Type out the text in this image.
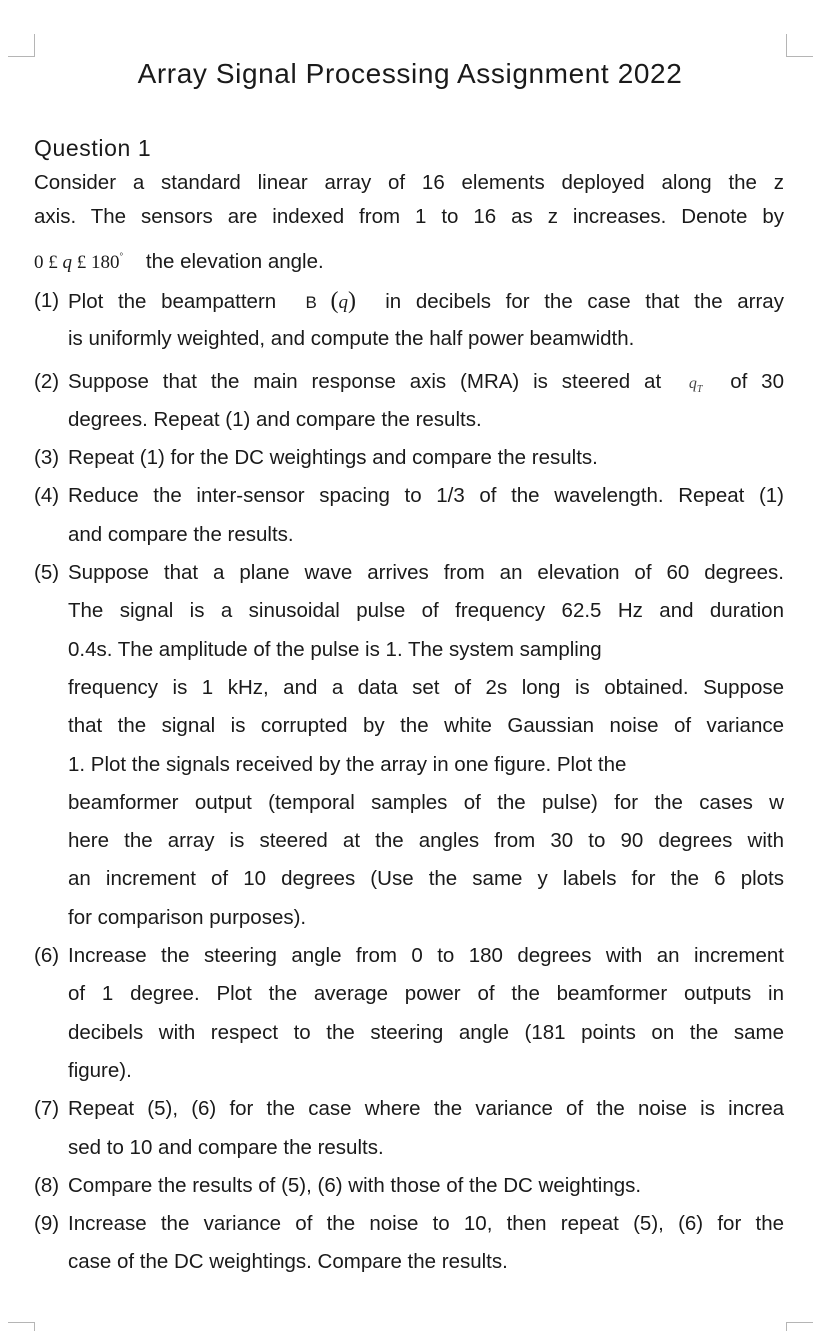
Array Signal Processing Assignment 2022
Question 1
Consider a standard linear array of 16 elements deployed along the z
axis. The sensors are indexed from 1 to 16 as z increases. Denote by
0 £ q £ 180° the elevation angle.
(1) Plot the beampattern B (q) in decibels for the case that the array
is uniformly weighted, and compute the half power beamwidth.
(2) Suppose that the main response axis (MRA) is steered at $q_T$ of 30
degrees. Repeat (1) and compare the results.
(3) Repeat (1) for the DC weightings and compare the results.
(4) Reduce the inter-sensor spacing to 1/3 of the wavelength. Repeat (1)
and compare the results.
(5) Suppose that a plane wave arrives from an elevation of 60 degrees.
The signal is a sinusoidal pulse of frequency 62.5 Hz and duration
0.4s. The amplitude of the pulse is 1. The system sampling
frequency is 1 kHz, and a data set of 2s long is obtained. Suppose
that the signal is corrupted by the white Gaussian noise of variance
1. Plot the signals received by the array in one figure. Plot the
beamformer output (temporal samples of the pulse) for the cases w
here the array is steered at the angles from 30 to 90 degrees with
an increment of 10 degrees (Use the same y labels for the 6 plots
for comparison purposes).
(6) Increase the steering angle from 0 to 180 degrees with an increment
of 1 degree. Plot the average power of the beamformer outputs in
decibels with respect to the steering angle (181 points on the same
figure).
(7) Repeat (5), (6) for the case where the variance of the noise is increa
sed to 10 and compare the results.
(8) Compare the results of (5), (6) with those of the DC weightings.
(9) Increase the variance of the noise to 10, then repeat (5), (6) for the
case of the DC weightings. Compare the results.
